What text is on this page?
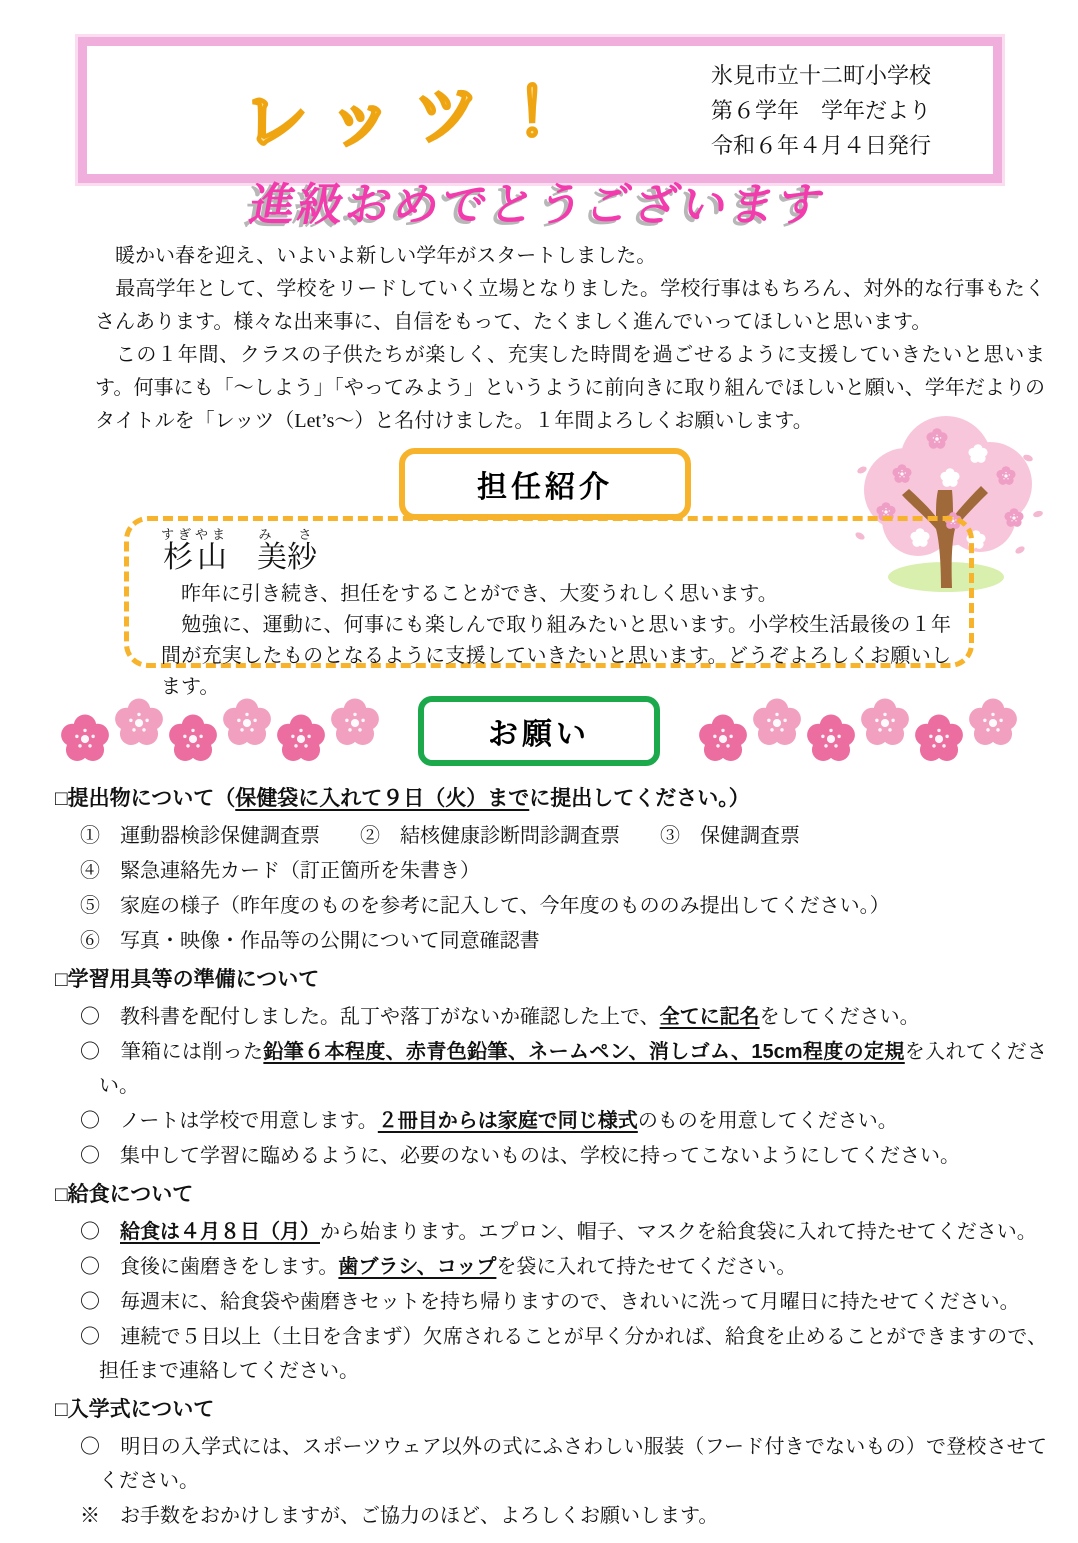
レッツ！	氷見市立十二町小学校
第６学年　学年だより
令和６年４月４日発行
進級おめでとうございます

　暖かい春を迎え、いよいよ新しい学年がスタートしました。

　最高学年として、学校をリードしていく立場となりました。学校行事はもちろん、対外的な行事もたくさんあります。様々な出来事に、自信をもって、たくましく進んでいってほしいと思います。

　この１年間、クラスの子供たちが楽しく、充実した時間を過ごせるように支援していきたいと思います。何事にも「～しよう」「やってみよう」というように前向きに取り組んでほしいと願い、学年だよりのタイトルを「レッツ（Let’s～）と名付けました。１年間よろしくお願いします。

担任紹介
杉山すぎやま美紗み　さ

　昨年に引き続き、担任をすることができ、大変うれしく思います。

　勉強に、運動に、何事にも楽しんで取り組みたいと思います。小学校生活最後の１年間が充実したものとなるように支援していきたいと思います。どうぞよろしくお願いします。

お願い
□提出物について（保健袋に入れて９日（火）までに提出してください。）
①　運動器検診保健調査票　　②　結核健康診断問診調査票　　③　保健調査票
④　緊急連絡先カード（訂正箇所を朱書き）
⑤　家庭の様子（昨年度のものを参考に記入して、今年度のもののみ提出してください。）
⑥　写真・映像・作品等の公開について同意確認書
□学習用具等の準備について
〇　教科書を配付しました。乱丁や落丁がないか確認した上で、全てに記名をしてください。
〇　筆箱には削った鉛筆６本程度、赤青色鉛筆、ネームペン、消しゴム、15cm程度の定規を入れてください。
〇　ノートは学校で用意します。２冊目からは家庭で同じ様式のものを用意してください。
〇　集中して学習に臨めるように、必要のないものは、学校に持ってこないようにしてください。
□給食について
〇　給食は４月８日（月）から始まります。エプロン、帽子、マスクを給食袋に入れて持たせてください。
〇　食後に歯磨きをします。歯ブラシ、コップを袋に入れて持たせてください。
〇　毎週末に、給食袋や歯磨きセットを持ち帰りますので、きれいに洗って月曜日に持たせてください。
〇　連続で５日以上（土日を含まず）欠席されることが早く分かれば、給食を止めることができますので、担任まで連絡してください。
□入学式について
〇　明日の入学式には、スポーツウェア以外の式にふさわしい服装（フード付きでないもの）で登校させてください。
※　お手数をおかけしますが、ご協力のほど、よろしくお願いします。
